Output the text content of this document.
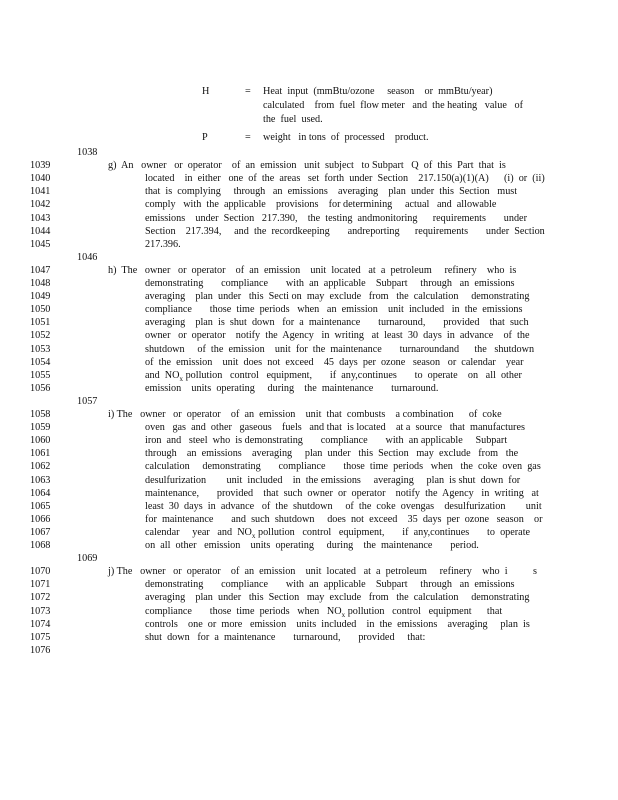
H	= Heat  input  (mmBtu/ozone     season    or  mmBtu/year)
calculated    from  fuel  flow meter   and  the heating   value   of
the  fuel  used.
P	= weight   in tons  of  processed    product.
1038
1039	g)  An   owner   or  operator    of  an  emission   unit  subject   to Subpart   Q  of  this  Part  that  is
1040	located    in  either   one  of  the  areas   set  forth  under  Section    217.150(a)(1)(A)      (i)  or  (ii)
1041	that  is  complying     through   an  emissions    averaging    plan  under  this  Section   must
1042	comply   with  the  applicable    provisions    for determining     actual   and  allowable
1043	emissions    under  Section   217.390,    the  testing  andmonitoring      requirements       under
1044	Section    217.394,     and  the  recordkeeping       andreporting      requirements       under  Section
1045	217.396.
1046
1047	h)  The   owner   or  operator    of  an  emission    unit  located   at  a  petroleum     refinery    who  is
1048	demonstrating       compliance       with  an  applicable    Subpart     through   an  emissions
1049	averaging    plan  under   this  Secti on  may  exclude   from   the  calculation     demonstrating
1050	compliance       those  time  periods   when   an  emission    unit  included   in  the  emissions
1051	averaging    plan  is  shut  down   for  a  maintenance       turnaround,       provided    that  such
1052	owner   or  operator    notify  the  Agency   in  writing   at  least  30  days  in  advance    of  the
1053	shutdown     of  the  emission    unit  for  the  maintenance       turnaroundand      the   shutdown
1054	of  the  emission    unit  does  not  exceed    45  days  per  ozone   season   or  calendar    year
1055	and  $NO_x$ pollution   control   equipment,       if  any,continues       to  operate    on   all  other
1056	emission    units  operating     during    the  maintenance       turnaround.
1057
1058	i) The   owner   or  operator    of  an  emission    unit  that  combusts    a combination      of  coke
1059	oven   gas  and  other   gaseous    fuels   and that  is located    at a  source   that  manufactures
1060	iron  and   steel  who  is demonstrating       compliance       with  an applicable     Subpart
1061	through    an  emissions    averaging     plan  under   this  Section   may  exclude   from   the
1062	calculation     demonstrating       compliance       those  time  periods   when   the  coke  oven  gas
1063	desulfurization        unit  included    in  the emissions     averaging     plan  is shut  down  for
1064	maintenance,       provided    that  such  owner  or  operator    notify  the  Agency   in  writing   at
1065	least  30  days  in  advance   of  the  shutdown     of  the  coke  ovengas    desulfurization        unit
1066	for  maintenance       and  such  shutdown     does  not  exceed    35  days  per  ozone   season    or
1067	calendar     year   and  $NO_x$ pollution   control   equipment,       if  any,continues       to  operate
1068	on  all  other   emission    units  operating     during    the  maintenance       period.
1069
1070	j) The   owner   or  operator    of  an  emission    unit  located   at  a  petroleum     refinery    who  i          s
1071	demonstrating       compliance       with  an  applicable    Subpart     through   an  emissions
1072	averaging    plan  under   this  Section   may  exclude   from   the  calculation     demonstrating
1073	compliance       those  time  periods   when   $NO_x$ pollution   control   equipment      that
1074	controls    one  or  more   emission    units  included    in  the  emissions    averaging     plan  is
1075	shut  down   for  a  maintenance       turnaround,       provided     that:
1076
